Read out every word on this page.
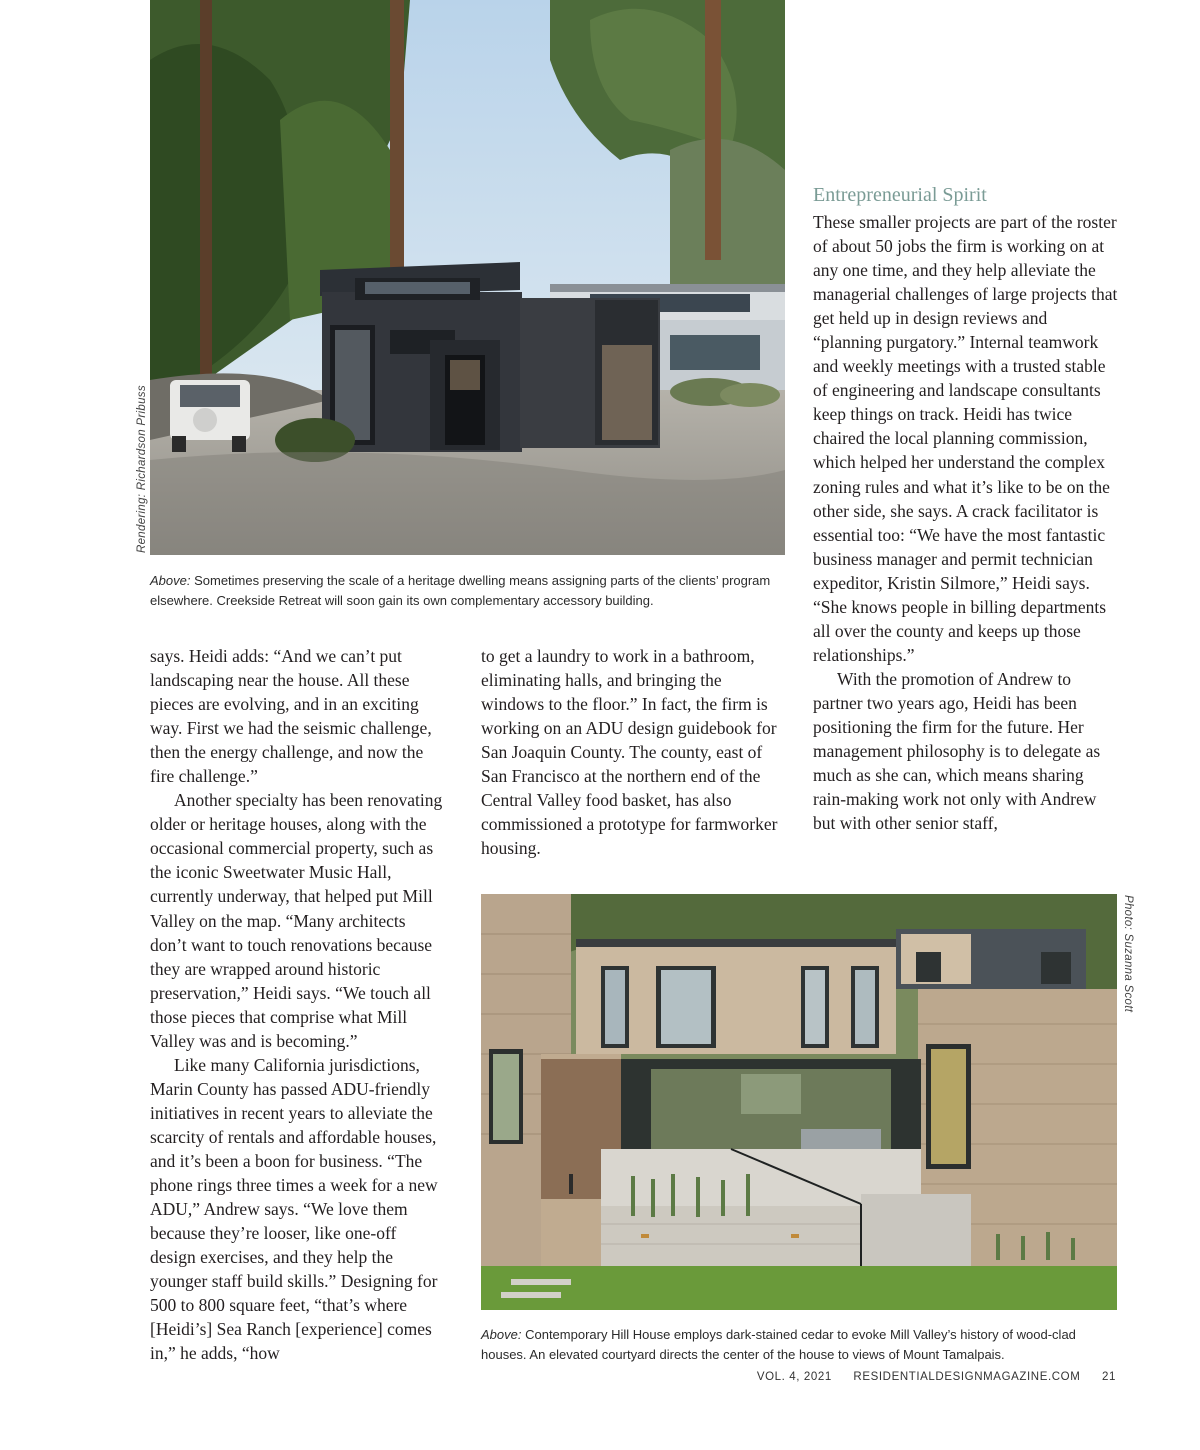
Rendering: Richardson Pribuss
Above: Sometimes preserving the scale of a heritage dwelling means assigning parts of the clients’ program elsewhere. Creekside Retreat will soon gain its own complementary accessory building.
Entrepreneurial Spirit

These smaller projects are part of the roster of about 50 jobs the firm is working on at any one time, and they help alleviate the managerial challenges of large projects that get held up in design reviews and “planning purgatory.” Internal teamwork and weekly meetings with a trusted stable of engineering and landscape consultants keep things on track. Heidi has twice chaired the local planning commission, which helped her understand the complex zoning rules and what it’s like to be on the other side, she says. A crack facilitator is essential too: “We have the most fantastic business manager and permit technician expeditor, Kristin Silmore,” Heidi says. “She knows people in billing departments all over the county and keeps up those relationships.”

With the promotion of Andrew to partner two years ago, Heidi has been positioning the firm for the future. Her management philosophy is to delegate as much as she can, which means sharing rain-making work not only with Andrew but with other senior staff,

says. Heidi adds: “And we can’t put landscaping near the house. All these pieces are evolving, and in an exciting way. First we had the seismic challenge, then the energy challenge, and now the fire challenge.”

Another specialty has been renovating older or heritage houses, along with the occasional commercial property, such as the iconic Sweetwater Music Hall, currently underway, that helped put Mill Valley on the map. “Many architects don’t want to touch renovations because they are wrapped around historic preservation,” Heidi says. “We touch all those pieces that comprise what Mill Valley was and is becoming.”

Like many California jurisdictions, Marin County has passed ADU-friendly initiatives in recent years to alleviate the scarcity of rentals and affordable houses, and it’s been a boon for business. “The phone rings three times a week for a new ADU,” Andrew says. “We love them because they’re looser, like one-off design exercises, and they help the younger staff build skills.” Designing for 500 to 800 square feet, “that’s where [Heidi’s] Sea Ranch [experience] comes in,” he adds, “how

to get a laundry to work in a bathroom, eliminating halls, and bringing the windows to the floor.” In fact, the firm is working on an ADU design guidebook for San Joaquin County. The county, east of San Francisco at the northern end of the Central Valley food basket, has also commissioned a prototype for farmworker housing.

Photo: Suzanna Scott
Above: Contemporary Hill House employs dark-stained cedar to evoke Mill Valley’s history of wood-clad houses. An elevated courtyard directs the center of the house to views of Mount Tamalpais.
VOL. 4, 2021 RESIDENTIALDESIGNMAGAZINE.COM 21
